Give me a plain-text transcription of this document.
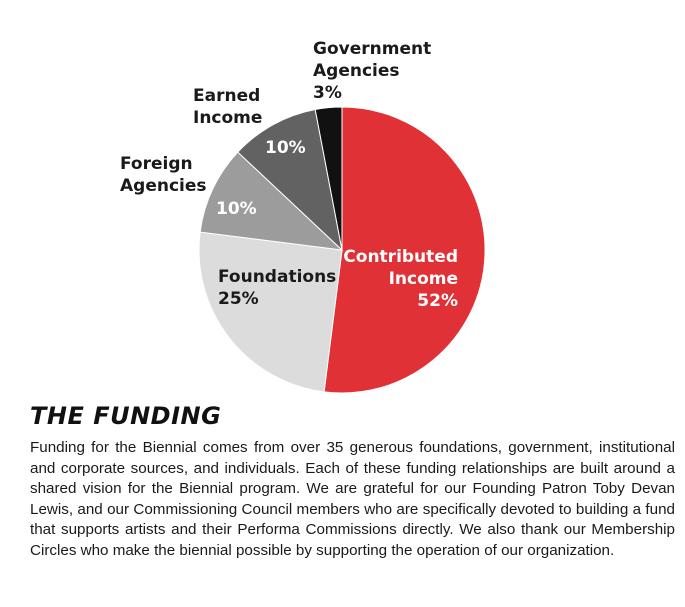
Contributed
Income
52%
Foundations
25%
Foreign
Agencies
10%
Earned
Income
10%
Government
Agencies
3%
THE FUNDING

Funding for the Biennial comes from over 35 generous foundations, government, institutional and corporate sources, and individuals. Each of these funding relationships are built around a shared vision for the Biennial program. We are grateful for our Founding Patron Toby Devan Lewis, and our Commissioning Council members who are specifically devoted to building a fund that supports artists and their Performa Commissions directly. We also thank our Membership Circles who make the biennial possible by supporting the operation of our organization.
